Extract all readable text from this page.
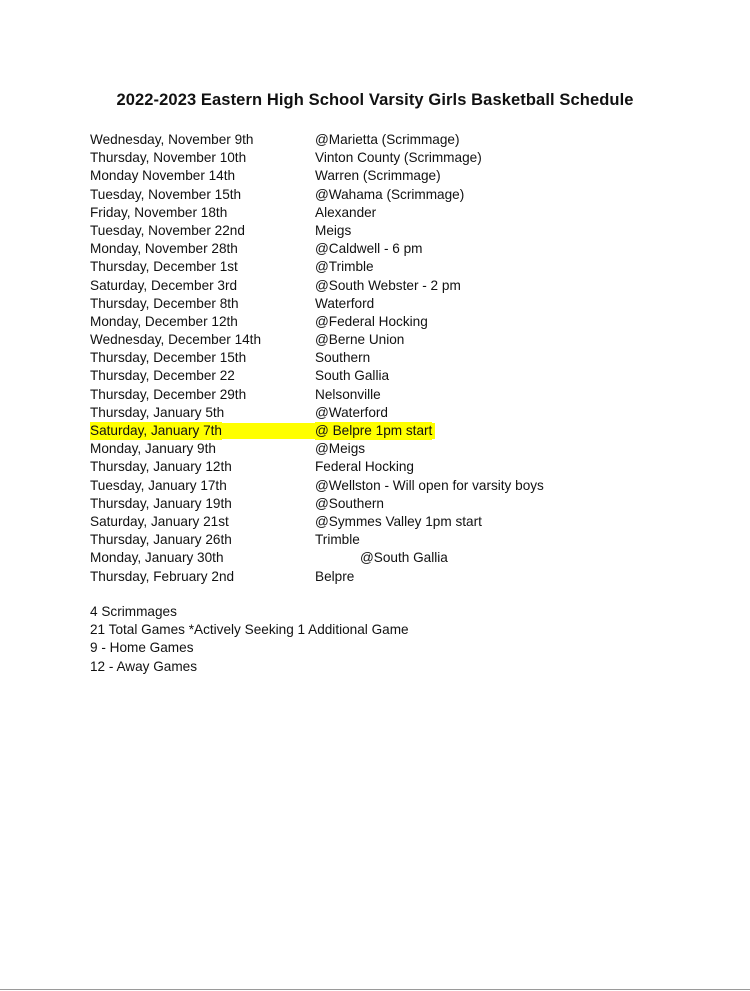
2022-2023 Eastern High School Varsity Girls Basketball Schedule
Wednesday, November 9th	@Marietta (Scrimmage)
Thursday, November 10th	Vinton County (Scrimmage)
Monday November 14th	Warren (Scrimmage)
Tuesday, November 15th	@Wahama (Scrimmage)
Friday, November 18th	Alexander
Tuesday, November 22nd	Meigs
Monday, November 28th	@Caldwell - 6 pm
Thursday, December 1st	@Trimble
Saturday, December 3rd	@South Webster - 2 pm
Thursday, December 8th	Waterford
Monday, December 12th	@Federal Hocking
Wednesday, December 14th	@Berne Union
Thursday, December 15th	Southern
Thursday, December 22	South Gallia
Thursday, December 29th	Nelsonville
Thursday, January 5th	@Waterford
Saturday, January 7th	@ Belpre 1pm start
Monday, January 9th	@Meigs
Thursday, January 12th	Federal Hocking
Tuesday, January 17th	@Wellston - Will open for varsity boys
Thursday, January 19th	@Southern
Saturday, January 21st	@Symmes Valley 1pm start
Thursday, January 26th	Trimble
Monday, January 30th	@South Gallia
Thursday, February 2nd	Belpre
4 Scrimmages
21 Total Games *Actively Seeking 1 Additional Game
9 - Home Games
12 - Away Games
